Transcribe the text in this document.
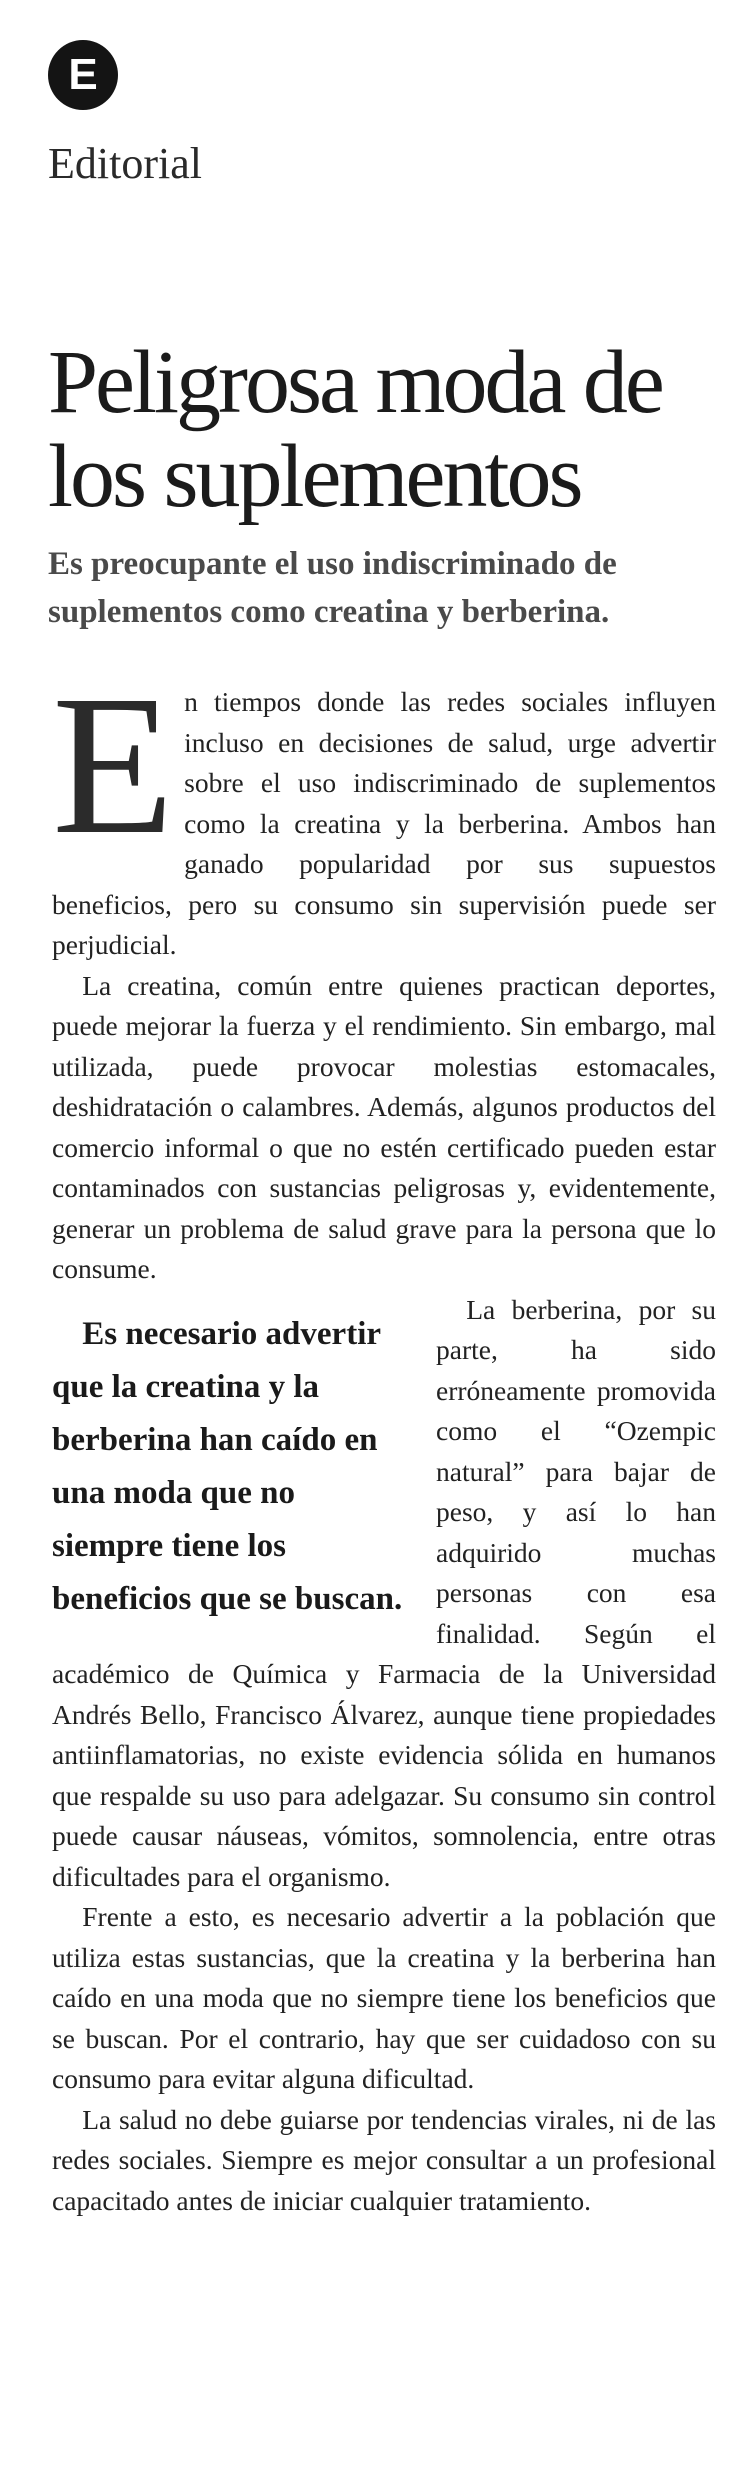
E
Editorial
Peligrosa moda de los suplementos
Es preocupante el uso indiscriminado de suplementos como creatina y berberina.

En tiempos donde las redes sociales influyen incluso en decisiones de salud, urge advertir sobre el uso indiscriminado de suplementos como la creatina y la berberina. Ambos han ganado popularidad por sus supuestos beneficios, pero su consumo sin supervisión puede ser perjudicial.

La creatina, común entre quienes practican deportes, puede mejorar la fuerza y el rendimiento. Sin embargo, mal utilizada, puede provocar molestias estomacales, deshidratación o calambres. Además, algunos productos del comercio informal o que no estén certificado pueden estar contaminados con sustancias peligrosas y, evidentemente, generar un problema de salud grave para la persona que lo consume.

Es necesario advertir que la creatina y la berberina han caído en una moda que no siempre tiene los beneficios que se buscan.
La berberina, por su parte, ha sido erróneamente promovida como el “Ozempic natural” para bajar de peso, y así lo han adquirido muchas personas con esa finalidad. Según el académico de Química y Farmacia de la Universidad Andrés Bello, Francisco Álvarez, aunque tiene propiedades antiinflamatorias, no existe evidencia sólida en humanos que respalde su uso para adelgazar. Su consumo sin control puede causar náuseas, vómitos, somnolencia, entre otras dificultades para el organismo.

Frente a esto, es necesario advertir a la población que utiliza estas sustancias, que la creatina y la berberina han caído en una moda que no siempre tiene los beneficios que se buscan. Por el contrario, hay que ser cuidadoso con su consumo para evitar alguna dificultad.

La salud no debe guiarse por tendencias virales, ni de las redes sociales. Siempre es mejor consultar a un profesional capacitado antes de iniciar cualquier tratamiento.
